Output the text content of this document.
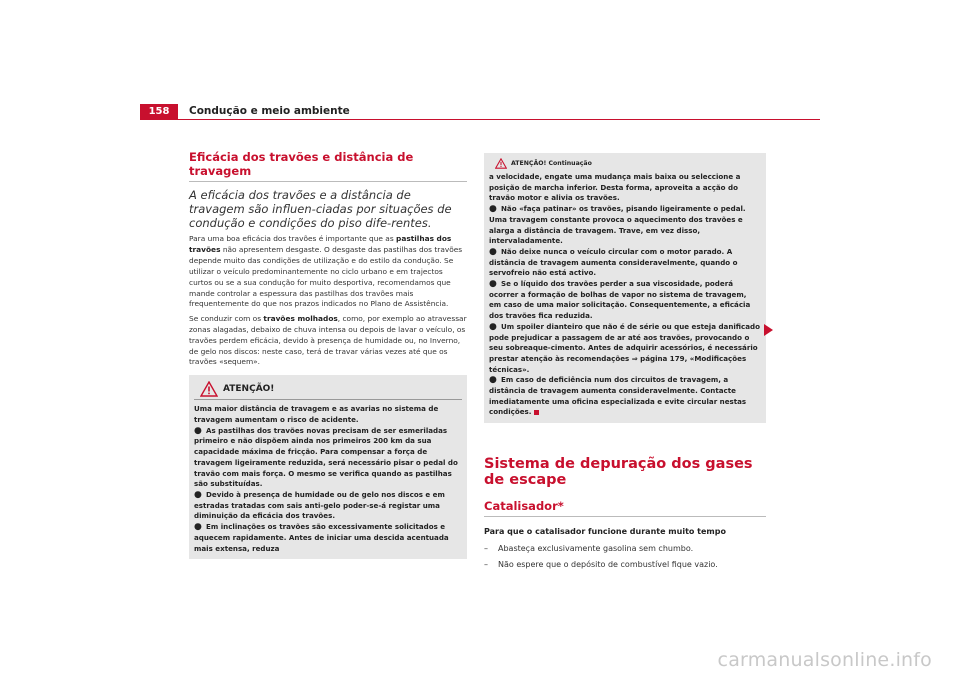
158	Condução e meio ambiente
Eficácia dos travões e distância de travagem

A eficácia dos travões e a distância de travagem são influen-ciadas por situações de condução e condições do piso dife-rentes.

Para uma boa eficácia dos travões é importante que as pastilhas dos travões não apresentem desgaste. O desgaste das pastilhas dos travões depende muito das condições de utilização e do estilo da condução. Se utilizar o veículo predominantemente no ciclo urbano e em trajectos curtos ou se a sua condução for muito desportiva, recomendamos que mande controlar a espessura das pastilhas dos travões mais frequentemente do que nos prazos indicados no Plano de Assistência.

Se conduzir com os travões molhados, como, por exemplo ao atravessar zonas alagadas, debaixo de chuva intensa ou depois de lavar o veículo, os travões perdem eficácia, devido à presença de humidade ou, no Inverno, de gelo nos discos: neste caso, terá de travar várias vezes até que os travões «sequem».

ATENÇÃO!

Uma maior distância de travagem e as avarias no sistema de travagem aumentam o risco de acidente.

● As pastilhas dos travões novas precisam de ser esmeriladas primeiro e não dispõem ainda nos primeiros 200 km da sua capacidade máxima de fricção. Para compensar a força de travagem ligeiramente reduzida, será necessário pisar o pedal do travão com mais força. O mesmo se verifica quando as pastilhas são substituídas.

● Devido à presença de humidade ou de gelo nos discos e em estradas tratadas com sais anti-gelo poder-se-á registar uma diminuição da eficácia dos travões.

● Em inclinações os travões são excessivamente solicitados e aquecem rapidamente. Antes de iniciar uma descida acentuada mais extensa, reduza

ATENÇÃO! Continuação

a velocidade, engate uma mudança mais baixa ou seleccione a posição de marcha inferior. Desta forma, aproveita a acção do travão motor e alivia os travões.

● Não «faça patinar» os travões, pisando ligeiramente o pedal. Uma travagem constante provoca o aquecimento dos travões e alarga a distância de travagem. Trave, em vez disso, intervaladamente.

● Não deixe nunca o veículo circular com o motor parado. A distância de travagem aumenta consideravelmente, quando o servofreio não está activo.

● Se o líquido dos travões perder a sua viscosidade, poderá ocorrer a formação de bolhas de vapor no sistema de travagem, em caso de uma maior solicitação. Consequentemente, a eficácia dos travões fica reduzida.

● Um spoiler dianteiro que não é de série ou que esteja danificado pode prejudicar a passagem de ar até aos travões, provocando o seu sobreaque-cimento. Antes de adquirir acessórios, é necessário prestar atenção às recomendações ⇒ página 179, «Modificações técnicas».

● Em caso de deficiência num dos circuitos de travagem, a distância de travagem aumenta consideravelmente. Contacte imediatamente uma oficina especializada e evite circular nestas condições.

Sistema de depuração dos gases de escape
Catalisador*

Para que o catalisador funcione durante muito tempo

– Abasteça exclusivamente gasolina sem chumbo.

– Não espere que o depósito de combustível fique vazio.

carmanualsonline.info
